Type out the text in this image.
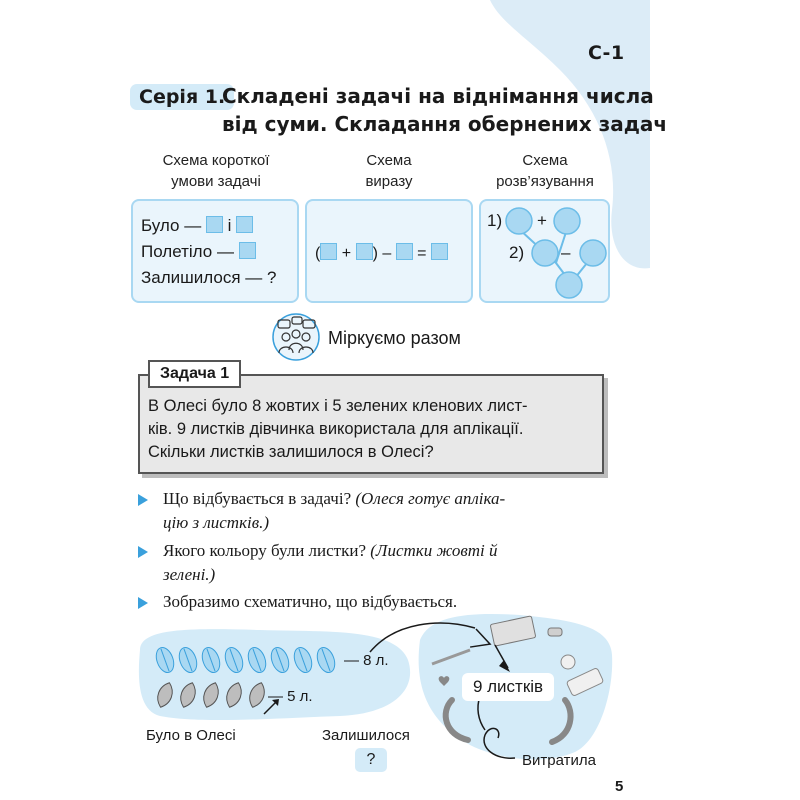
С-1
Серія 1.
Складені задачі на віднімання числа
від суми. Складання обернених задач
Схема короткої
умови задачі
Схема
виразу
Схема
розв’язування
Було — і
Полетіло —
Залишилося — ?
( + ) – =
1) +
2) –
Міркуємо разом
Задача 1
В Олесі було 8 жовтих і 5 зелених кленових лист-
ків. 9 листків дівчинка використала для аплікації.
Скільки листків залишилося в Олесі?
Що відбувається в задачі? (Олеся готує апліка-
цію з листків.)
Якого кольору були листки? (Листки жовті й
зелені.)
Зобразимо схематично, що відбувається.
— 8 л.
— 5 л.
Було в Олесі	Залишилося
?
9 листків
Витратила
5
